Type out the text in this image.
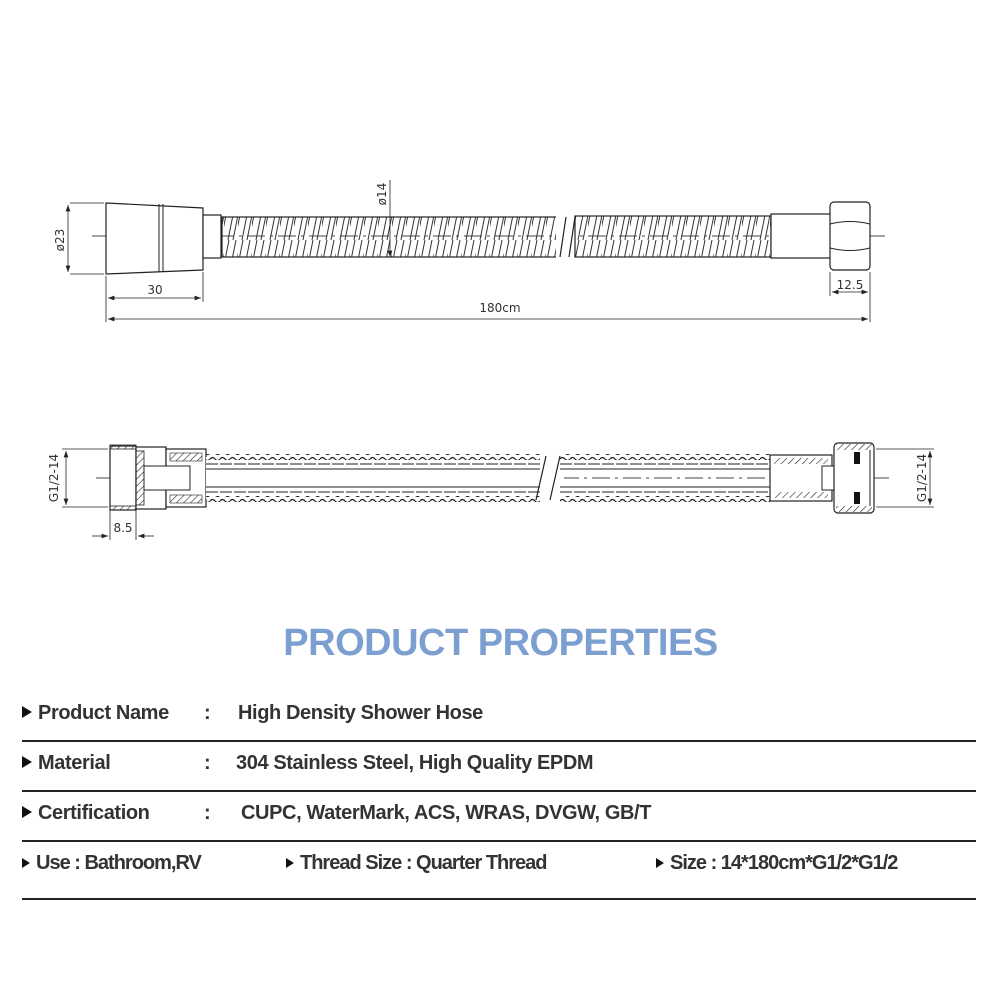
ø23
ø14
30	12.5
180cm
G1/2-14	G1/2-14
8.5
PRODUCT PROPERTIES
Product Name : High Density Shower Hose
Material	: 304 Stainless Steel, High Quality EPDM
Certification	: CUPC, WaterMark, ACS, WRAS, DVGW, GB/T
Use : Bathroom,RV	Thread Size : Quarter Thread	Size : 14*180cm*G1/2*G1/2
